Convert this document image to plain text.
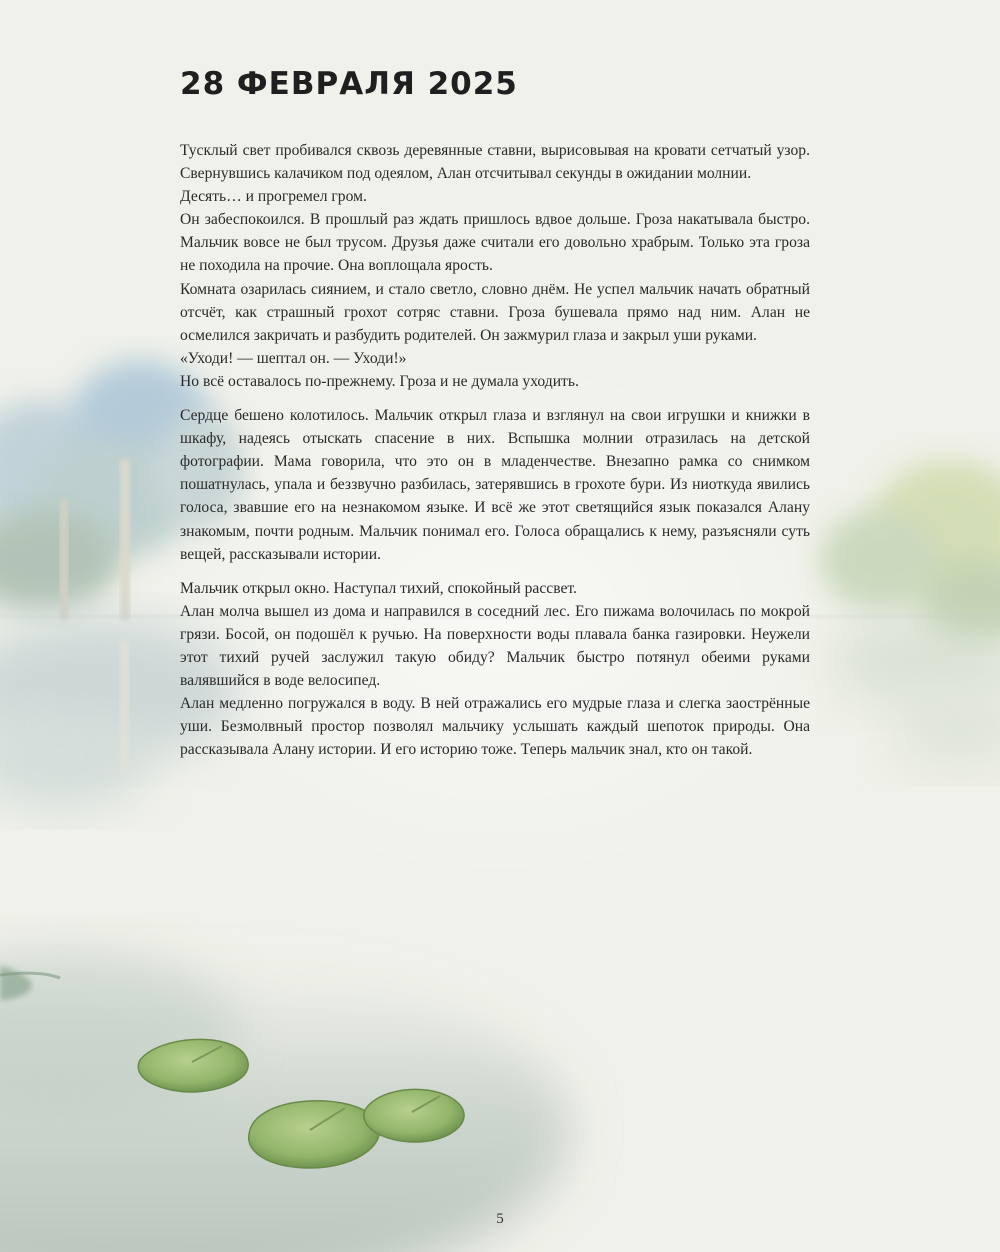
28 ФЕВРАЛЯ 2025

Тусклый свет пробивался сквозь деревянные ставни, вырисовывая на кровати сетчатый узор. Свернувшись калачиком под одеялом, Алан отсчитывал секунды в ожидании молнии.

Десять… и прогремел гром.

Он забеспокоился. В прошлый раз ждать пришлось вдвое дольше. Гроза накатывала быстро. Мальчик вовсе не был трусом. Друзья даже считали его довольно храбрым. Только эта гроза не походила на прочие. Она воплощала ярость.

Комната озарилась сиянием, и стало светло, словно днём. Не успел мальчик начать обратный отсчёт, как страшный грохот сотряс ставни. Гроза бушевала прямо над ним. Алан не осмелился закричать и разбудить родителей. Он зажмурил глаза и закрыл уши руками.

«Уходи! — шептал он. — Уходи!»

Но всё оставалось по-прежнему. Гроза и не думала уходить.

Сердце бешено колотилось. Мальчик открыл глаза и взглянул на свои игрушки и книжки в шкафу, надеясь отыскать спасение в них. Вспышка молнии отразилась на детской фотографии. Мама говорила, что это он в младенчестве. Внезапно рамка со снимком пошатнулась, упала и беззвучно разбилась, затерявшись в грохоте бури. Из ниоткуда явились голоса, звавшие его на незнакомом языке. И всё же этот светящийся язык показался Алану знакомым, почти родным. Мальчик понимал его. Голоса обращались к нему, разъясняли суть вещей, рассказывали истории.

Мальчик открыл окно. Наступал тихий, спокойный рассвет.

Алан молча вышел из дома и направился в соседний лес. Его пижама волочилась по мокрой грязи. Босой, он подошёл к ручью. На поверхности воды плавала банка газировки. Неужели этот тихий ручей заслужил такую обиду? Мальчик быстро потянул обеими руками валявшийся в воде велосипед.

Алан медленно погружался в воду. В ней отражались его мудрые глаза и слегка заострённые уши. Безмолвный простор позволял мальчику услышать каждый шепоток природы. Она рассказывала Алану истории. И его историю тоже. Теперь мальчик знал, кто он такой.

5
